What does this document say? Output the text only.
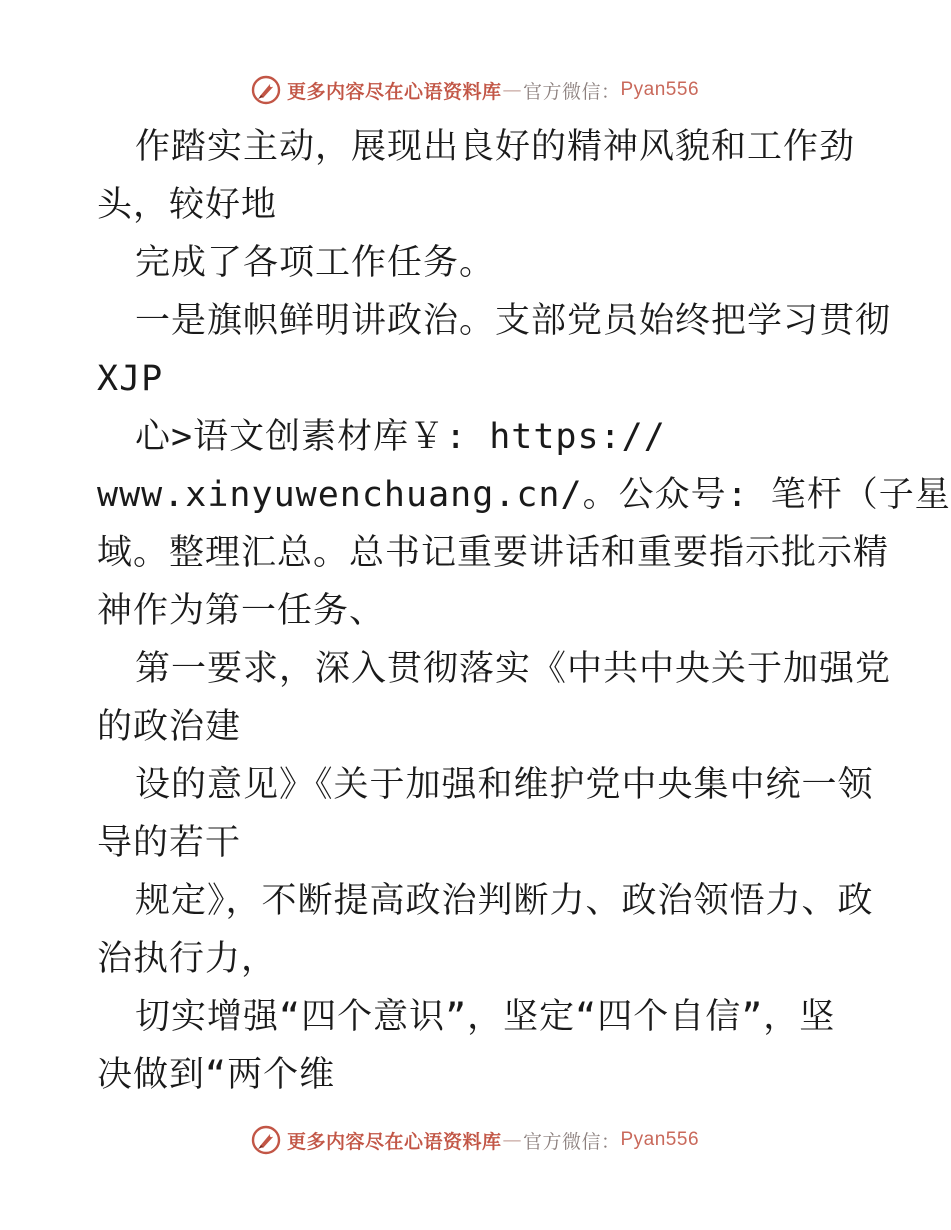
更多内容尽在心语资料库 — 官方微信： Pyan556
作踏实主动，展现出良好的精神风貌和工作劲
头，较好地
完成了各项工作任务。
一是旗帜鲜明讲政治。支部党员始终把学习贯彻
XJP
心>语文创素材库￥: https://
www.xinyuwenchuang.cn/。公众号: 笔杆（子星
域。整理汇总。总书记重要讲话和重要指示批示精
神作为第一任务、
第一要求，深入贯彻落实《中共中央关于加强党
的政治建
设的意见》《关于加强和维护党中央集中统一领
导的若干
规定》，不断提高政治判断力、政治领悟力、政
治执行力，
切实增强“四个意识”，坚定“四个自信”，坚
决做到“两个维
更多内容尽在心语资料库 — 官方微信： Pyan556
